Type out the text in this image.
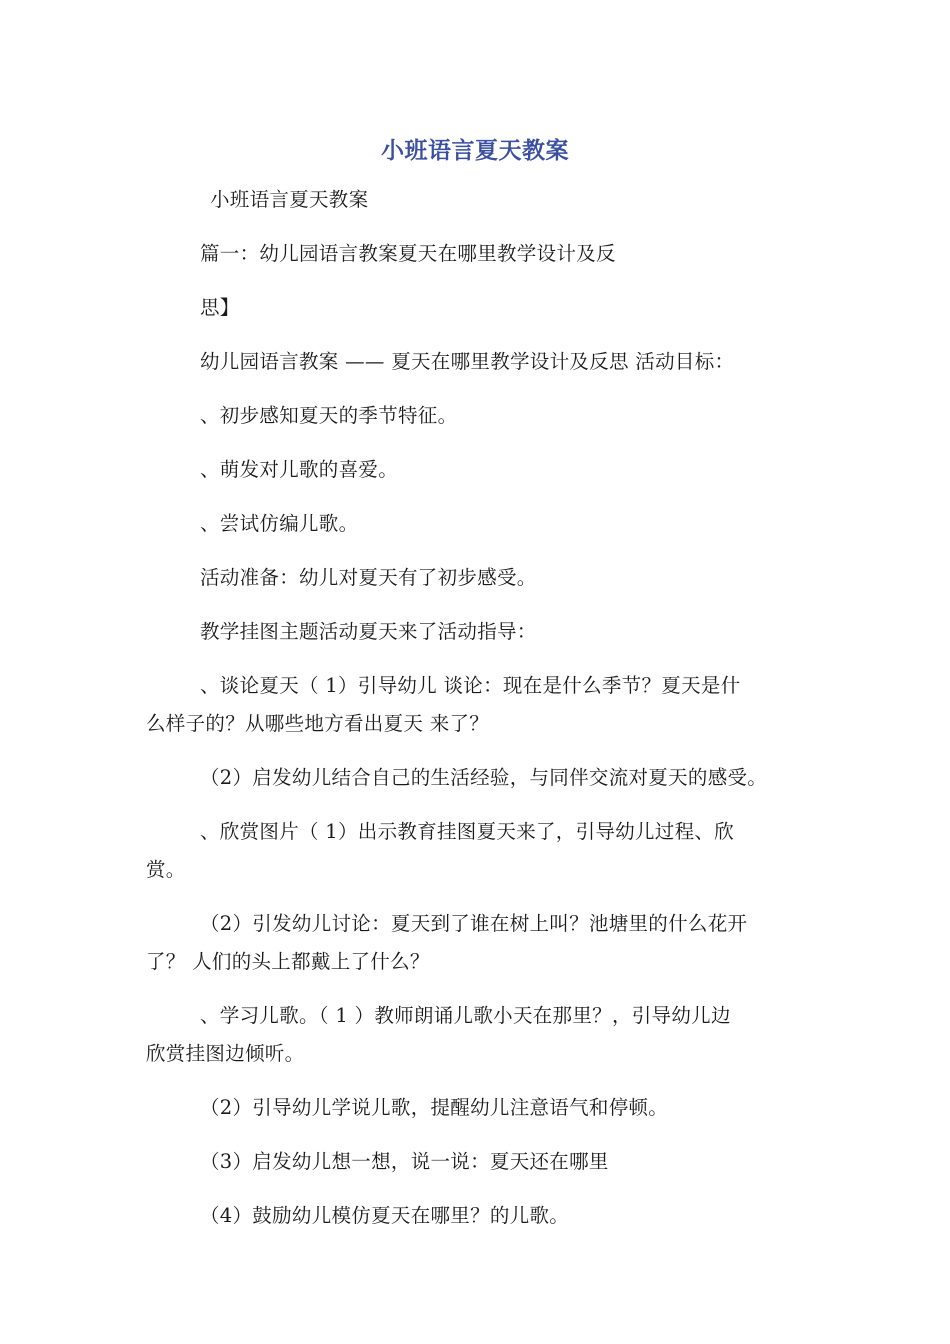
小班语言夏天教案
小班语言夏天教案
篇一：幼儿园语言教案夏天在哪里教学设计及反
思】
幼儿园语言教案 —— 夏天在哪里教学设计及反思 活动目标：
、初步感知夏天的季节特征。
、萌发对儿歌的喜爱。
、尝试仿编儿歌。
活动准备：幼儿对夏天有了初步感受。
教学挂图主题活动夏天来了活动指导：
、谈论夏天（ 1）引导幼儿 谈论：现在是什么季节？夏天是什
么样子的？从哪些地方看出夏天 来了？
（2）启发幼儿结合自己的生活经验，与同伴交流对夏天的感受。
、欣赏图片（ 1）出示教育挂图夏天来了，引导幼儿过程、欣
赏。
（2）引发幼儿讨论：夏天到了谁在树上叫？池塘里的什么花开
了？ 人们的头上都戴上了什么？
、学习儿歌。（ 1 ）教师朗诵儿歌小天在那里？，引导幼儿边
欣赏挂图边倾听。
（2）引导幼儿学说儿歌，提醒幼儿注意语气和停顿。
（3）启发幼儿想一想，说一说：夏天还在哪里
（4）鼓励幼儿模仿夏天在哪里？的儿歌。
